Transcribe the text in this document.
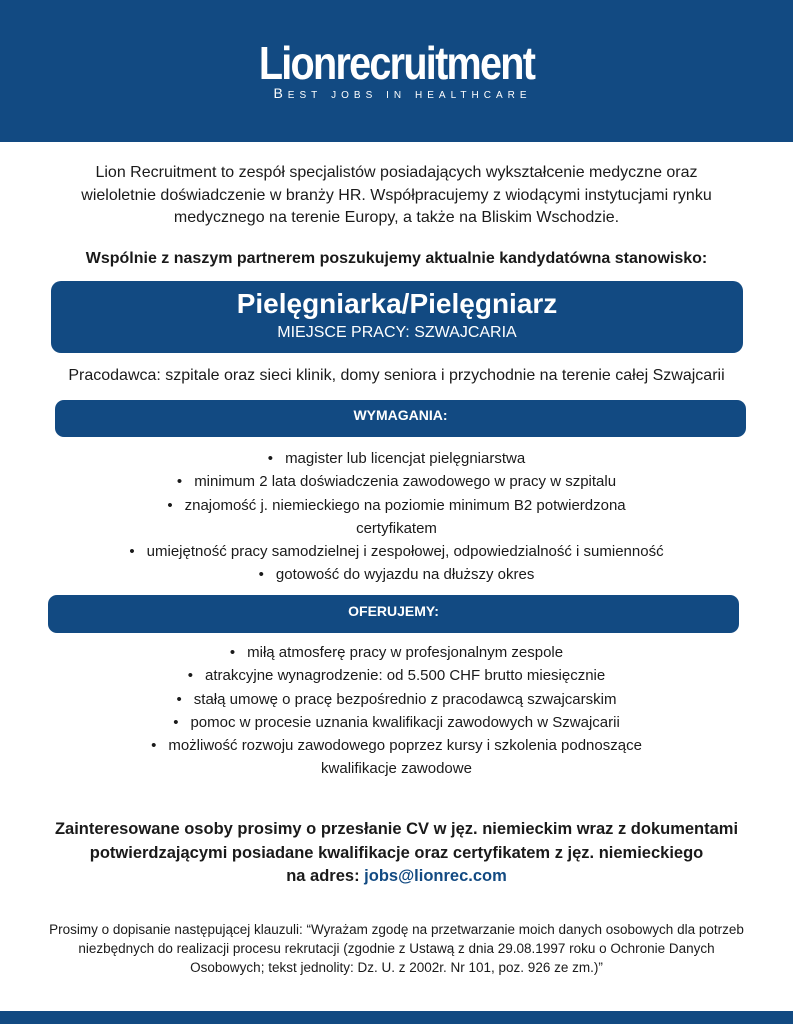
Lionrecruitment
Best jobs in healthcare
Lion Recruitment to zespół specjalistów posiadających wykształcenie medyczne oraz
wieloletnie doświadczenie w branży HR. Współpracujemy z wiodącymi instytucjami rynku
medycznego na terenie Europy, a także na Bliskim Wschodzie.
Wspólnie z naszym partnerem poszukujemy aktualnie kandydatówna stanowisko:
Pielęgniarka/Pielęgniarz
MIEJSCE PRACY: SZWAJCARIA
Pracodawca: szpitale oraz sieci klinik, domy seniora i przychodnie na terenie całej Szwajcarii
WYMAGANIA:
• magister lub licencjat pielęgniarstwa
• minimum 2 lata doświadczenia zawodowego w pracy w szpitalu
• znajomość j. niemieckiego na poziomie minimum B2 potwierdzona
certyfikatem
• umiejętność pracy samodzielnej i zespołowej, odpowiedzialność i sumienność
• gotowość do wyjazdu na dłuższy okres
OFERUJEMY:
• miłą atmosferę pracy w profesjonalnym zespole
• atrakcyjne wynagrodzenie: od 5.500 CHF brutto miesięcznie
• stałą umowę o pracę bezpośrednio z pracodawcą szwajcarskim
• pomoc w procesie uznania kwalifikacji zawodowych w Szwajcarii
• możliwość rozwoju zawodowego poprzez kursy i szkolenia podnoszące
kwalifikacje zawodowe
Zainteresowane osoby prosimy o przesłanie CV w jęz. niemieckim wraz z dokumentami
potwierdzającymi posiadane kwalifikacje oraz certyfikatem z jęz. niemieckiego
na adres: jobs@lionrec.com
Prosimy o dopisanie następującej klauzuli: “Wyrażam zgodę na przetwarzanie moich danych osobowych dla potrzeb
niezbędnych do realizacji procesu rekrutacji (zgodnie z Ustawą z dnia 29.08.1997 roku o Ochronie Danych
Osobowych; tekst jednolity: Dz. U. z 2002r. Nr 101, poz. 926 ze zm.)”
